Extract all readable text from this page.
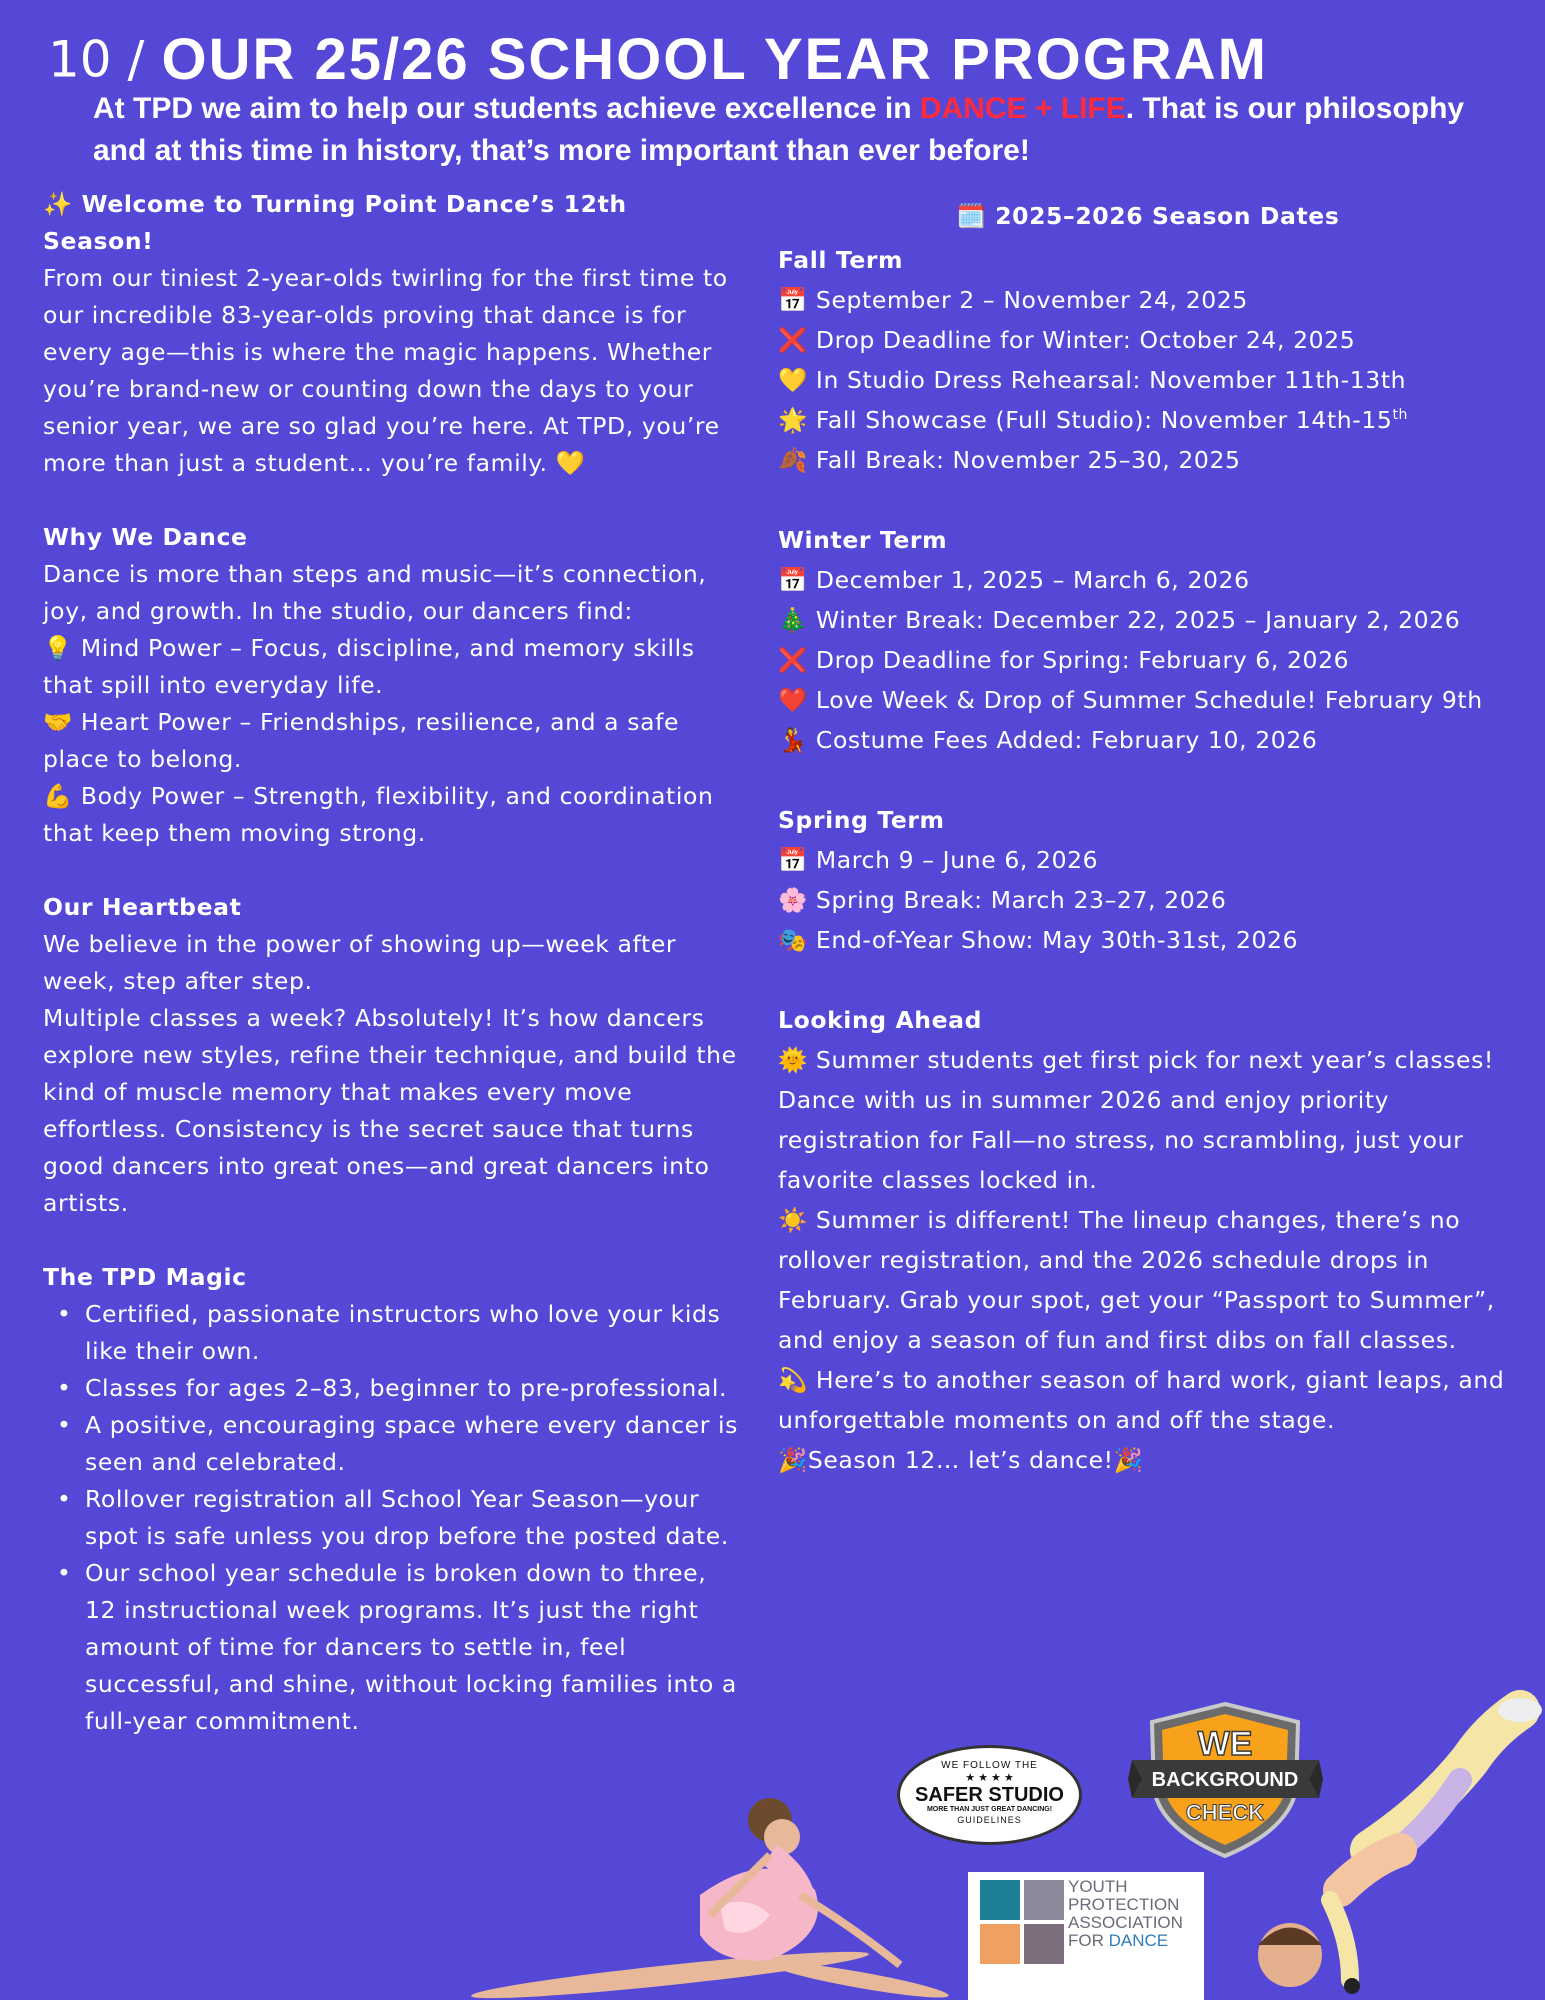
10 / OUR 25/26 SCHOOL YEAR PROGRAM
At TPD we aim to help our students achieve excellence in DANCE + LIFE. That is our philosophy and at this time in history, that’s more important than ever before!
✨ Welcome to Turning Point Dance’s 12th Season!
From our tiniest 2-year-olds twirling for the first time to our incredible 83-year-olds proving that dance is for every age—this is where the magic happens. Whether you’re brand-new or counting down the days to your senior year, we are so glad you’re here. At TPD, you’re more than just a student… you’re family. 💛
Why We Dance
Dance is more than steps and music—it’s connection, joy, and growth. In the studio, our dancers find:
💡 Mind Power – Focus, discipline, and memory skills that spill into everyday life.
🤝 Heart Power – Friendships, resilience, and a safe place to belong.
💪 Body Power – Strength, flexibility, and coordination that keep them moving strong.
Our Heartbeat
We believe in the power of showing up—week after week, step after step.
Multiple classes a week? Absolutely! It’s how dancers explore new styles, refine their technique, and build the kind of muscle memory that makes every move effortless. Consistency is the secret sauce that turns good dancers into great ones—and great dancers into artists.
The TPD Magic
• Certified, passionate instructors who love your kids like their own.
• Classes for ages 2–83, beginner to pre-professional.
• A positive, encouraging space where every dancer is seen and celebrated.
• Rollover registration all School Year Season—your spot is safe unless you drop before the posted date.
• Our school year schedule is broken down to three, 12 instructional week programs. It’s just the right amount of time for dancers to settle in, feel successful, and shine, without locking families into a full-year commitment.
🗓️ 2025–2026 Season Dates
Fall Term
📅 September 2 – November 24, 2025
❌ Drop Deadline for Winter: October 24, 2025
💛 In Studio Dress Rehearsal: November 11th-13th
🌟 Fall Showcase (Full Studio): November 14th-15th
🍂 Fall Break: November 25–30, 2025
Winter Term
📅 December 1, 2025 – March 6, 2026
🎄 Winter Break: December 22, 2025 – January 2, 2026
❌ Drop Deadline for Spring: February 6, 2026
❤️ Love Week & Drop of Summer Schedule! February 9th
💃 Costume Fees Added: February 10, 2026
Spring Term
📅 March 9 – June 6, 2026
🌸 Spring Break: March 23–27, 2026
🎭 End-of-Year Show: May 30th-31st, 2026
Looking Ahead
🌞 Summer students get first pick for next year’s classes!
Dance with us in summer 2026 and enjoy priority registration for Fall—no stress, no scrambling, just your favorite classes locked in.
☀️ Summer is different! The lineup changes, there’s no rollover registration, and the 2026 schedule drops in February. Grab your spot, get your “Passport to Summer”, and enjoy a season of fun and first dibs on fall classes.
💫 Here’s to another season of hard work, giant leaps, and unforgettable moments on and off the stage.
🎉Season 12… let’s dance!🎉
WE FOLLOW THE
★ ★ ★ ★
SAFER STUDIO
MORE THAN JUST GREAT DANCING!
GUIDELINES
WE
BACKGROUND
CHECK
YOUTH
PROTECTION
ASSOCIATION
FOR DANCE
